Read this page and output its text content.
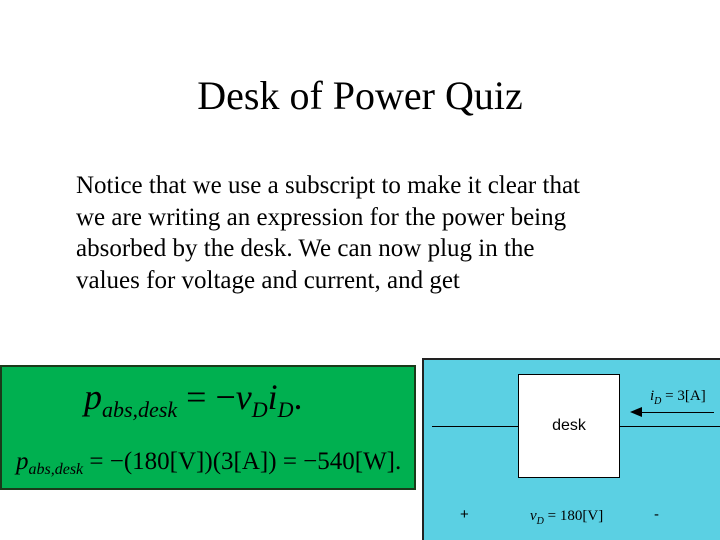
Desk of Power Quiz
Notice that we use a subscript to make it clear that
we are writing an expression for the power being
absorbed by the desk. We can now plug in the
values for voltage and current, and get
$p_{abs,desk} = -v_Di_D$.
$p_{abs,desk} = -(180[V])(3[A]) = -540[W]$.
desk
$i_D = 3[A]$
+	$v_D = 180[V]$	-
